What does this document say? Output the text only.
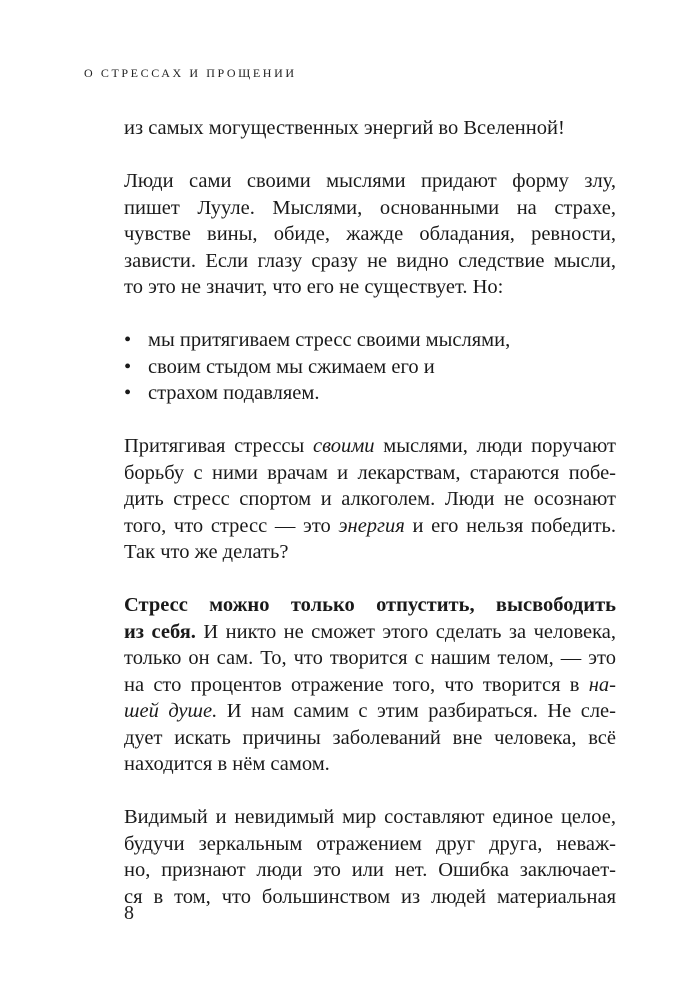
О СТРЕССАХ И ПРОЩЕНИИ

из самых могущественных энергий во Вселенной!

Люди сами своими мыслями придают форму злу,
пишет Лууле. Мыслями, основанными на страхе,
чувстве вины, обиде, жажде обладания, ревности,
зависти. Если глазу сразу не видно следствие мысли,
то это не значит, что его не существует. Но:

• мы притягиваем стресс своими мыслями,
• своим стыдом мы сжимаем его и
• страхом подавляем.

Притягивая стрессы своими мыслями, люди поручают
борьбу с ними врачам и лекарствам, стараются побе-
дить стресс спортом и алкоголем. Люди не осознают
того, что стресс — это энергия и его нельзя победить.
Так что же делать?

Стресс можно только отпустить, высвободить
из себя. И никто не сможет этого сделать за человека,
только он сам. То, что творится с нашим телом, — это
на сто процентов отражение того, что творится в на-
шей душе. И нам самим с этим разбираться. Не сле-
дует искать причины заболеваний вне человека, всё
находится в нём самом.

Видимый и невидимый мир составляют единое целое,
будучи зеркальным отражением друг друга, неваж-
но, признают люди это или нет. Ошибка заключает-
ся в том, что большинством из людей материальная

8
